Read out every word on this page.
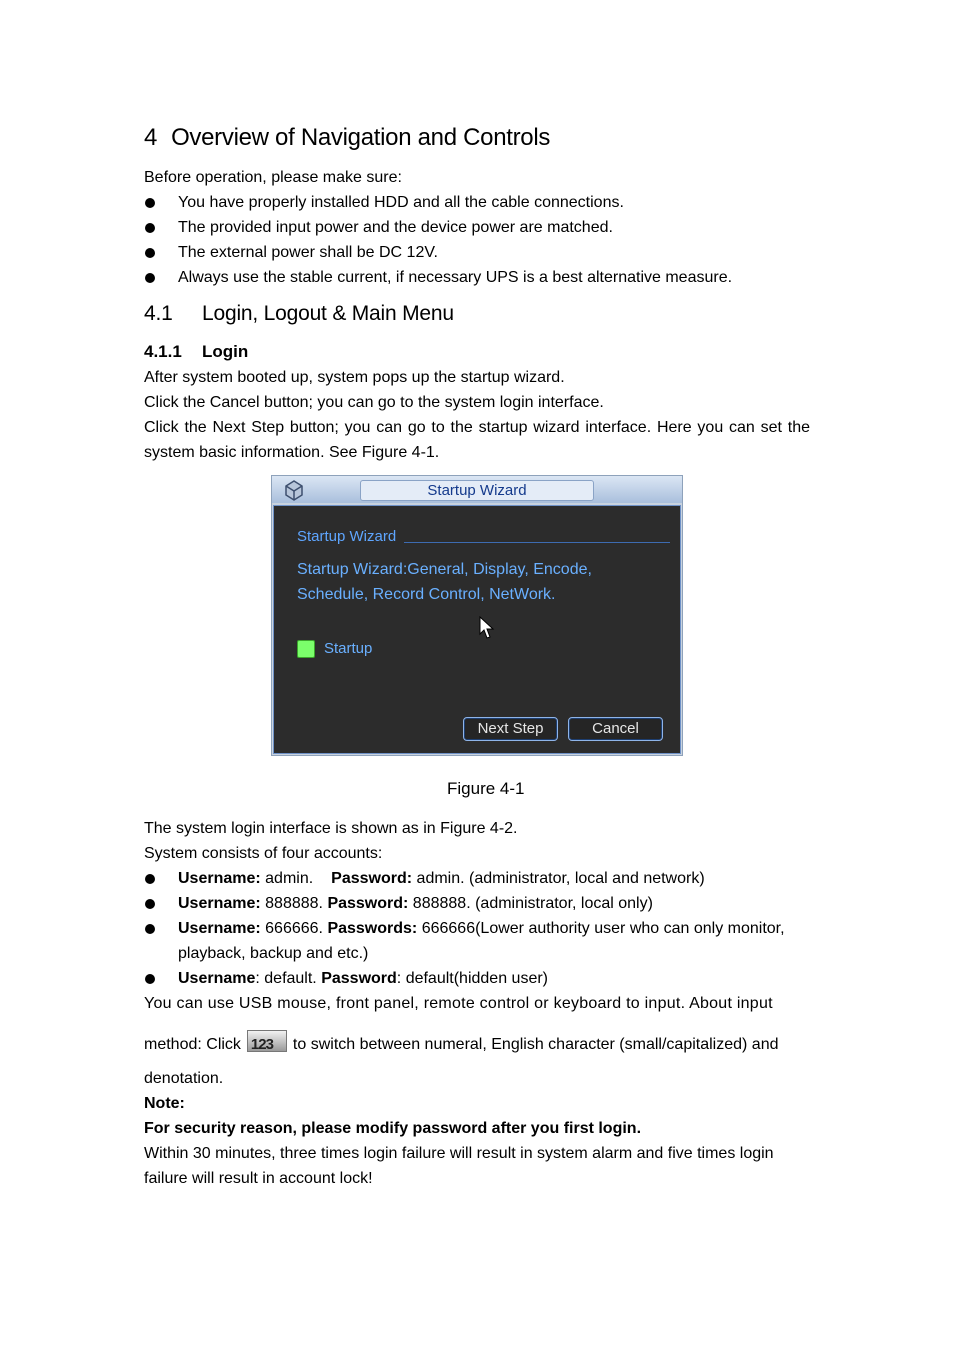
4 Overview of Navigation and Controls
Before operation, please make sure:
You have properly installed HDD and all the cable connections.
The provided input power and the device power are matched.
The external power shall be DC 12V.
Always use the stable current, if necessary UPS is a best alternative measure.
4.1 Login, Logout & Main Menu
4.1.1 Login
After system booted up, system pops up the startup wizard.
Click the Cancel button; you can go to the system login interface.
Click the Next Step button; you can go to the startup wizard interface. Here you can set the system basic information. See Figure 4-1.
The system login interface is shown as in Figure 4-2.
System consists of four accounts:
Username: admin. Password: admin. (administrator, local and network)
Username: 888888. Password: 888888. (administrator, local only)
Username: 666666. Passwords: 666666(Lower authority user who can only monitor,
playback, backup and etc.)
Username: default. Password: default(hidden user)
You can use USB mouse, front panel, remote control or keyboard to input. About input
method: Click 123 to switch between numeral, English character (small/capitalized) and
denotation.
Note:
For security reason, please modify password after you first login.
Within 30 minutes, three times login failure will result in system alarm and five times login
failure will result in account lock!
Startup Wizard
Startup Wizard
Startup Wizard:General, Display, Encode,
Schedule, Record Control, NetWork.
Startup
Next Step	Cancel
Figure 4-1
